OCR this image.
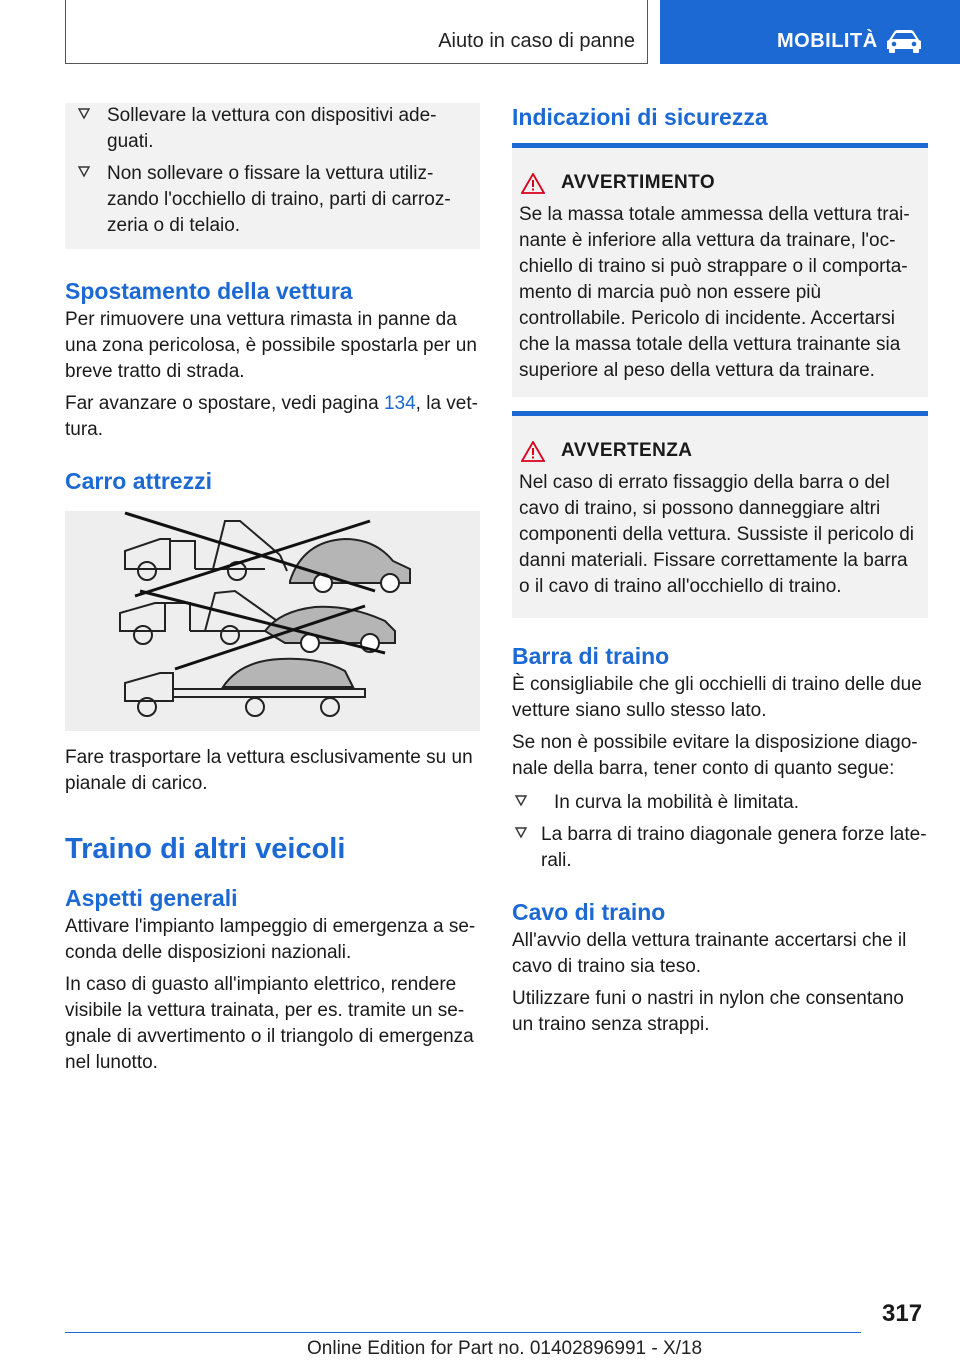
Aiuto in caso di panne	MOBILITÀ
Sollevare la vettura con dispositivi ade-guati.
Non sollevare o fissare la vettura utiliz-zando l'occhiello di traino, parti di carroz-zeria o di telaio.
Spostamento della vettura

Per rimuovere una vettura rimasta in panne da una zona pericolosa, è possibile spostarla per un breve tratto di strada.

Far avanzare o spostare, vedi pagina 134, la vet-tura.

Carro attrezzi

Fare trasportare la vettura esclusivamente su un pianale di carico.

Traino di altri veicoli
Aspetti generali

Attivare l'impianto lampeggio di emergenza a se-conda delle disposizioni nazionali.

In caso di guasto all'impianto elettrico, rendere visibile la vettura trainata, per es. tramite un se-gnale di avvertimento o il triangolo di emergenza nel lunotto.

Indicazioni di sicurezza
AVVERTIMENTO

Se la massa totale ammessa della vettura trai-nante è inferiore alla vettura da trainare, l'oc-chiello di traino si può strappare o il comporta-mento di marcia può non essere più controllabile. Pericolo di incidente. Accertarsi che la massa totale della vettura trainante sia superiore al peso della vettura da trainare.

AVVERTENZA

Nel caso di errato fissaggio della barra o del cavo di traino, si possono danneggiare altri componenti della vettura. Sussiste il pericolo di danni materiali. Fissare correttamente la barra o il cavo di traino all'occhiello di traino.

Barra di traino

È consigliabile che gli occhielli di traino delle due vetture siano sullo stesso lato.

Se non è possibile evitare la disposizione diago-nale della barra, tener conto di quanto segue:

In curva la mobilità è limitata.
La barra di traino diagonale genera forze late-rali.
Cavo di traino

All'avvio della vettura trainante accertarsi che il cavo di traino sia teso.

Utilizzare funi o nastri in nylon che consentano un traino senza strappi.

317
Online Edition for Part no. 01402896991 - X/18
